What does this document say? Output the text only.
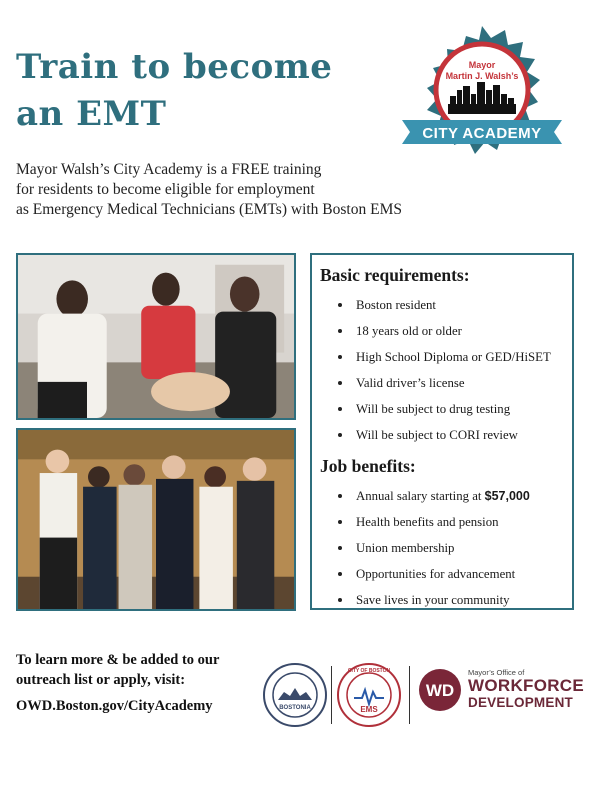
Train to become
an EMT

Mayor Walsh’s City Academy is a FREE training
for residents to become eligible for employment
as Emergency Medical Technicians (EMTs) with Boston EMS

Mayor
Martin J. Walsh’s
CITY ACADEMY
Basic requirements:
Boston resident
18 years old or older
High School Diploma or GED/HiSET
Valid driver’s license
Will be subject to drug testing
Will be subject to CORI review
Job benefits:
Annual salary starting at $57,000
Health benefits and pension
Union membership
Opportunities for advancement
Save lives in your community
To learn more & be added to our
outreach list or apply, visit:
OWD.Boston.gov/CityAcademy	BOSTONIA
CITY OF BOSTON
EMS
WD
Mayor’s Office of
WORKFORCE
DEVELOPMENT
